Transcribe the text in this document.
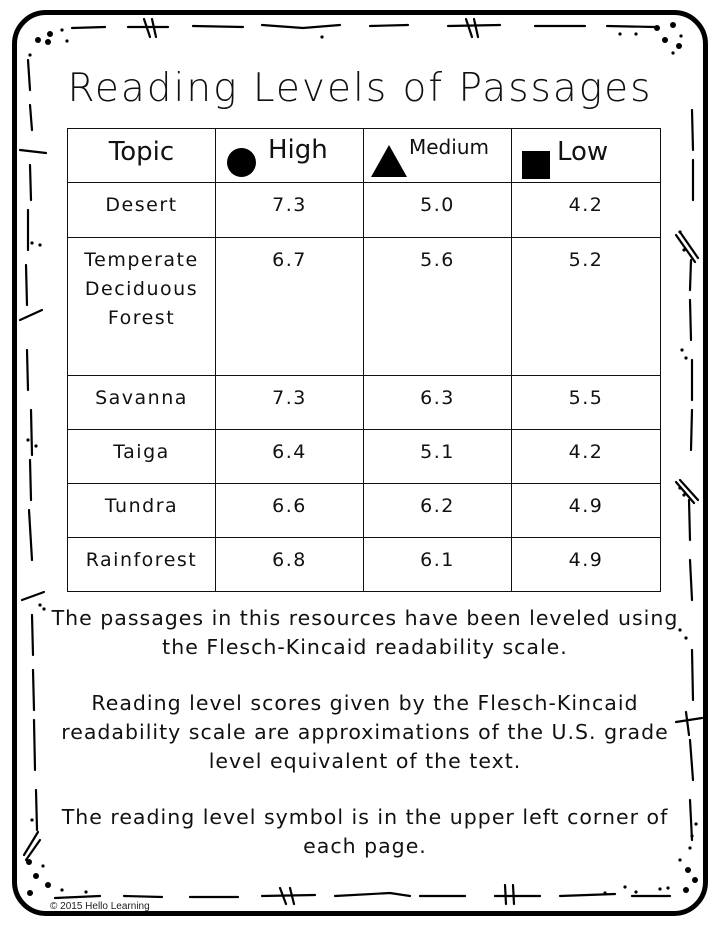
Reading Levels of Passages
Topic	High	Medium	Low

Desert	7.3	5.0	4.2
Temperate Deciduous Forest	6.7	5.6	5.2
Savanna	7.3	6.3	5.5
Taiga	6.4	5.1	4.2
Tundra	6.6	6.2	4.9
Rainforest	6.8	6.1	4.9

The passages in this resources have been leveled using the Flesch-Kincaid readability scale.

Reading level scores given by the Flesch-Kincaid readability scale are approximations of the U.S. grade level equivalent of the text.

The reading level symbol is in the upper left corner of each page.

© 2015 Hello Learning
